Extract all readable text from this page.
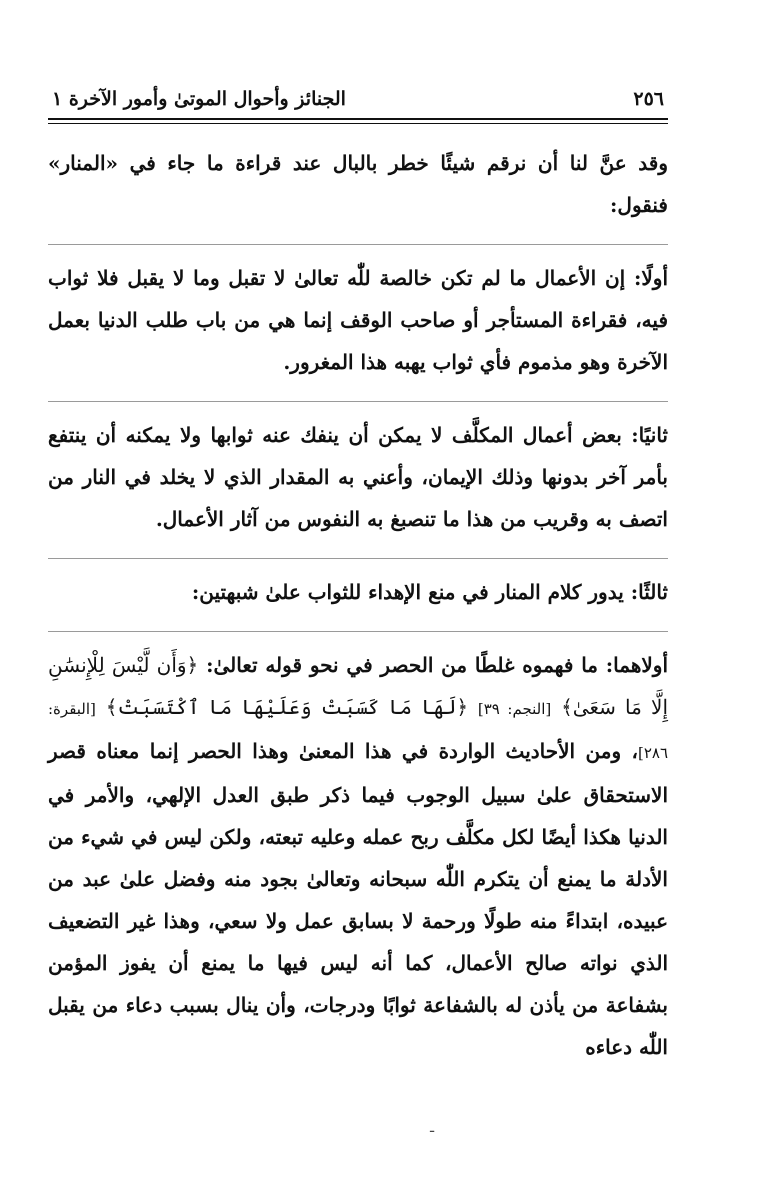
٢٥٦
الجنائز وأحوال الموتىٰ وأمور الآخرة ١

وقد عنَّ لنا أن نرقم شيئًا خطر بالبال عند قراءة ما جاء في «المنار» فنقول:

أولًا: إن الأعمال ما لم تكن خالصة للّٰه تعالىٰ لا تقبل وما لا يقبل فلا ثواب فيه، فقراءة المستأجر أو صاحب الوقف إنما هي من باب طلب الدنيا بعمل الآخرة وهو مذموم فأي ثواب يهبه هذا المغرور.

ثانيًا: بعض أعمال المكلَّف لا يمكن أن ينفك عنه ثوابها ولا يمكنه أن ينتفع بأمر آخر بدونها وذلك الإيمان، وأعني به المقدار الذي لا يخلد في النار من اتصف به وقريب من هذا ما تنصبغ به النفوس من آثار الأعمال.

ثالثًا: يدور كلام المنار في منع الإهداء للثواب علىٰ شبهتين:

أولاهما: ما فهموه غلطًا من الحصر في نحو قوله تعالىٰ: ﴿وَأَن لَّيْسَ لِلْإِنسَٰنِ إِلَّا مَا سَعَىٰ﴾ [النجم: ٣٩] ﴿لَهَا مَا كَسَبَتْ وَعَلَيْهَا مَا ٱكْتَسَبَتْ﴾ [البقرة: ٢٨٦]، ومن الأحاديث الواردة في هذا المعنىٰ وهذا الحصر إنما معناه قصر الاستحقاق علىٰ سبيل الوجوب فيما ذكر طبق العدل الإلهي، والأمر في الدنيا هكذا أيضًا لكل مكلَّف ربح عمله وعليه تبعته، ولكن ليس في شيء من الأدلة ما يمنع أن يتكرم اللّٰه سبحانه وتعالىٰ بجود منه وفضل علىٰ عبد من عبيده، ابتداءً منه طولًا ورحمة لا بسابق عمل ولا سعي، وهذا غير التضعيف الذي نواته صالح الأعمال، كما أنه ليس فيها ما يمنع أن يفوز المؤمن بشفاعة من يأذن له بالشفاعة ثوابًا ودرجات، وأن ينال بسبب دعاء من يقبل اللّٰه دعاءه

ـ
